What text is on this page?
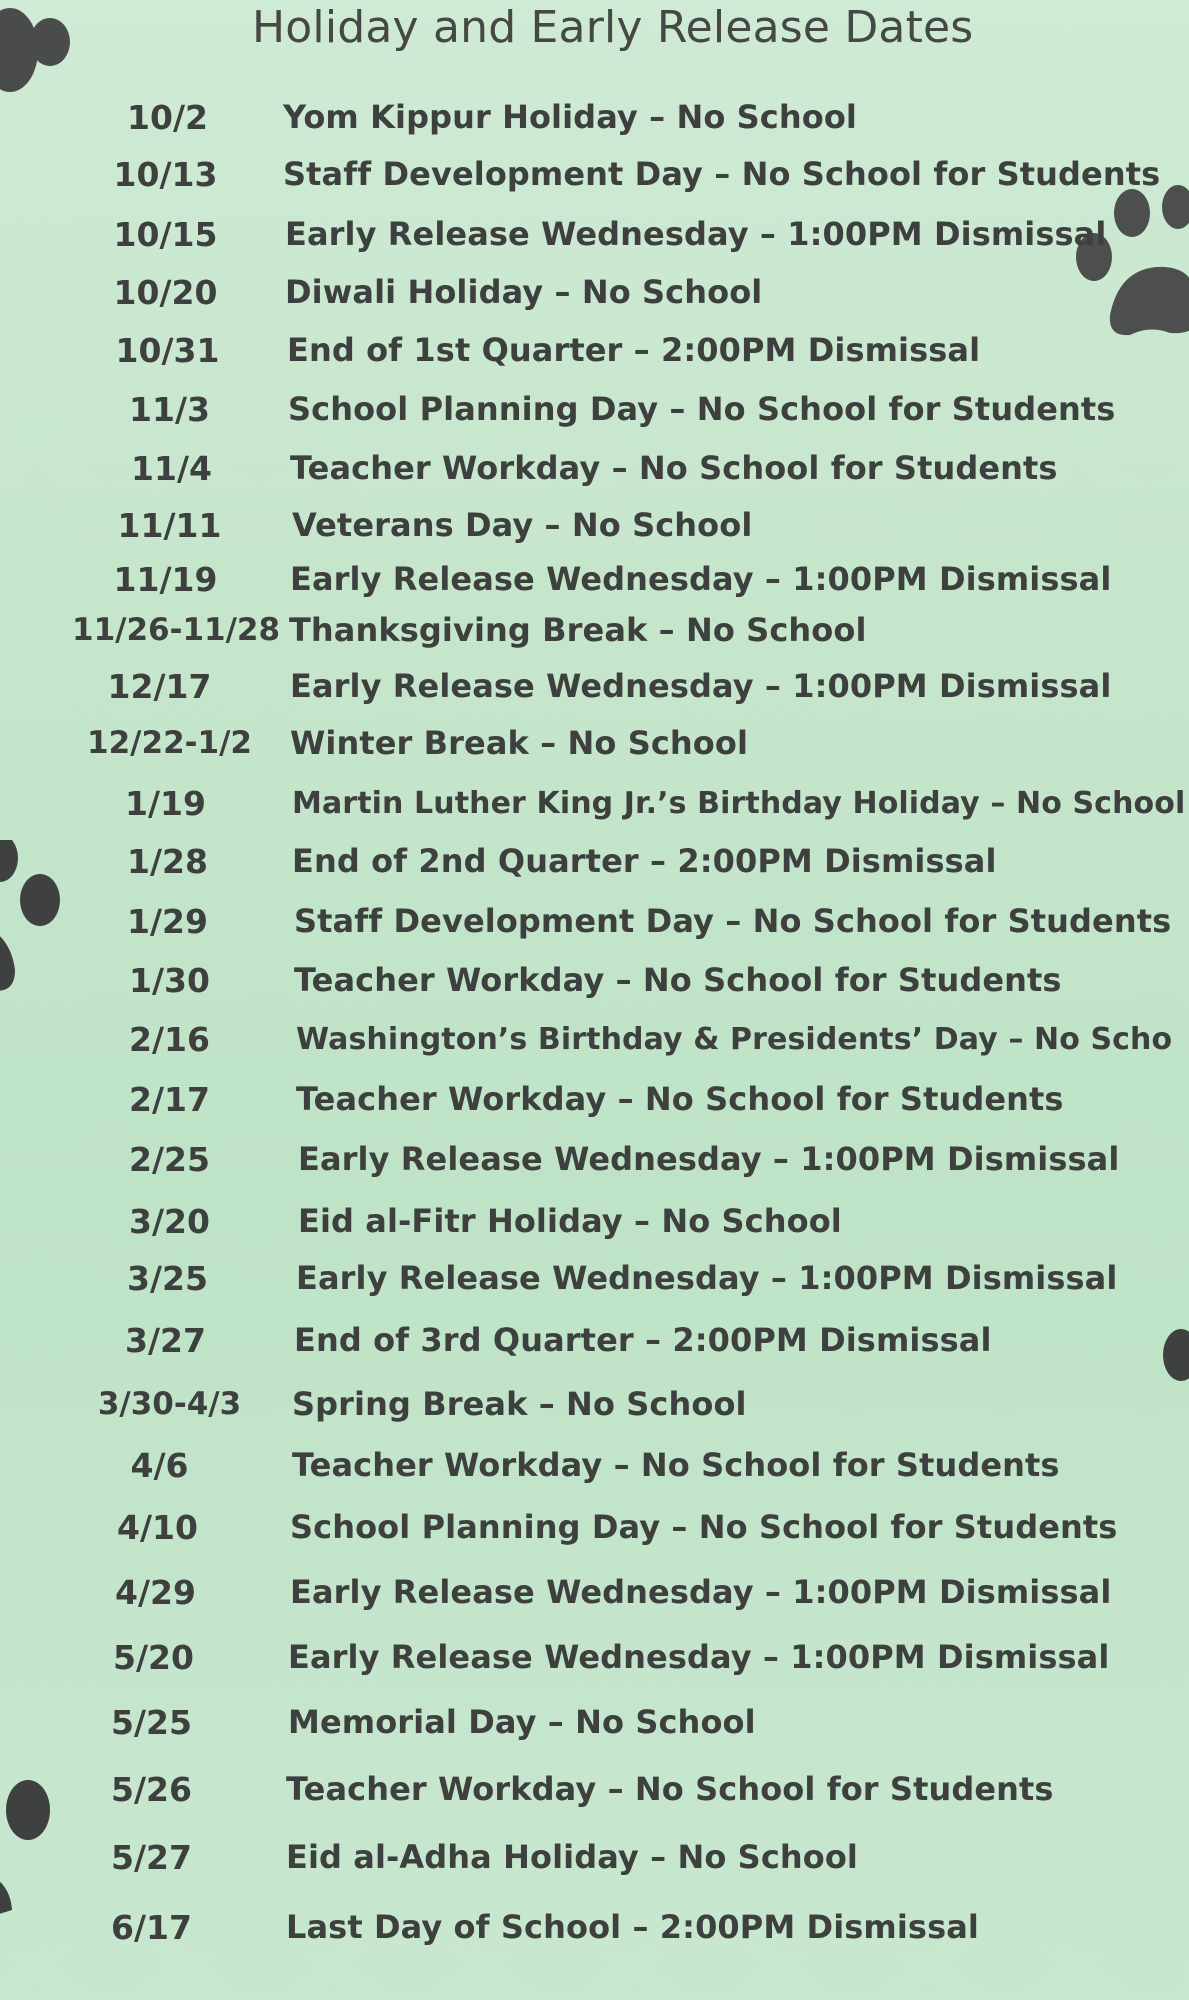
Holiday and Early Release Dates
10/2	Yom Kippur Holiday – No School
10/13	Staff Development Day – No School for Students
10/15	Early Release Wednesday – 1:00PM Dismissal
10/20	Diwali Holiday – No School
10/31	End of 1st Quarter – 2:00PM Dismissal
11/3	School Planning Day – No School for Students
11/4	Teacher Workday – No School for Students
11/11	Veterans Day – No School
11/19	Early Release Wednesday – 1:00PM Dismissal
11/26-11/28 Thanksgiving Break – No School
12/17	Early Release Wednesday – 1:00PM Dismissal
12/22-1/2	Winter Break – No School
1/19	Martin Luther King Jr.’s Birthday Holiday – No School
1/28	End of 2nd Quarter – 2:00PM Dismissal
1/29	Staff Development Day – No School for Students
1/30	Teacher Workday – No School for Students
2/16	Washington’s Birthday & Presidents’ Day – No Scho
2/17	Teacher Workday – No School for Students
2/25	Early Release Wednesday – 1:00PM Dismissal
3/20	Eid al-Fitr Holiday – No School
3/25	Early Release Wednesday – 1:00PM Dismissal
3/27	End of 3rd Quarter – 2:00PM Dismissal
3/30-4/3	Spring Break – No School
4/6	Teacher Workday – No School for Students
4/10	School Planning Day – No School for Students
4/29	Early Release Wednesday – 1:00PM Dismissal
5/20	Early Release Wednesday – 1:00PM Dismissal
5/25	Memorial Day – No School
5/26	Teacher Workday – No School for Students
5/27	Eid al-Adha Holiday – No School
6/17	Last Day of School – 2:00PM Dismissal
